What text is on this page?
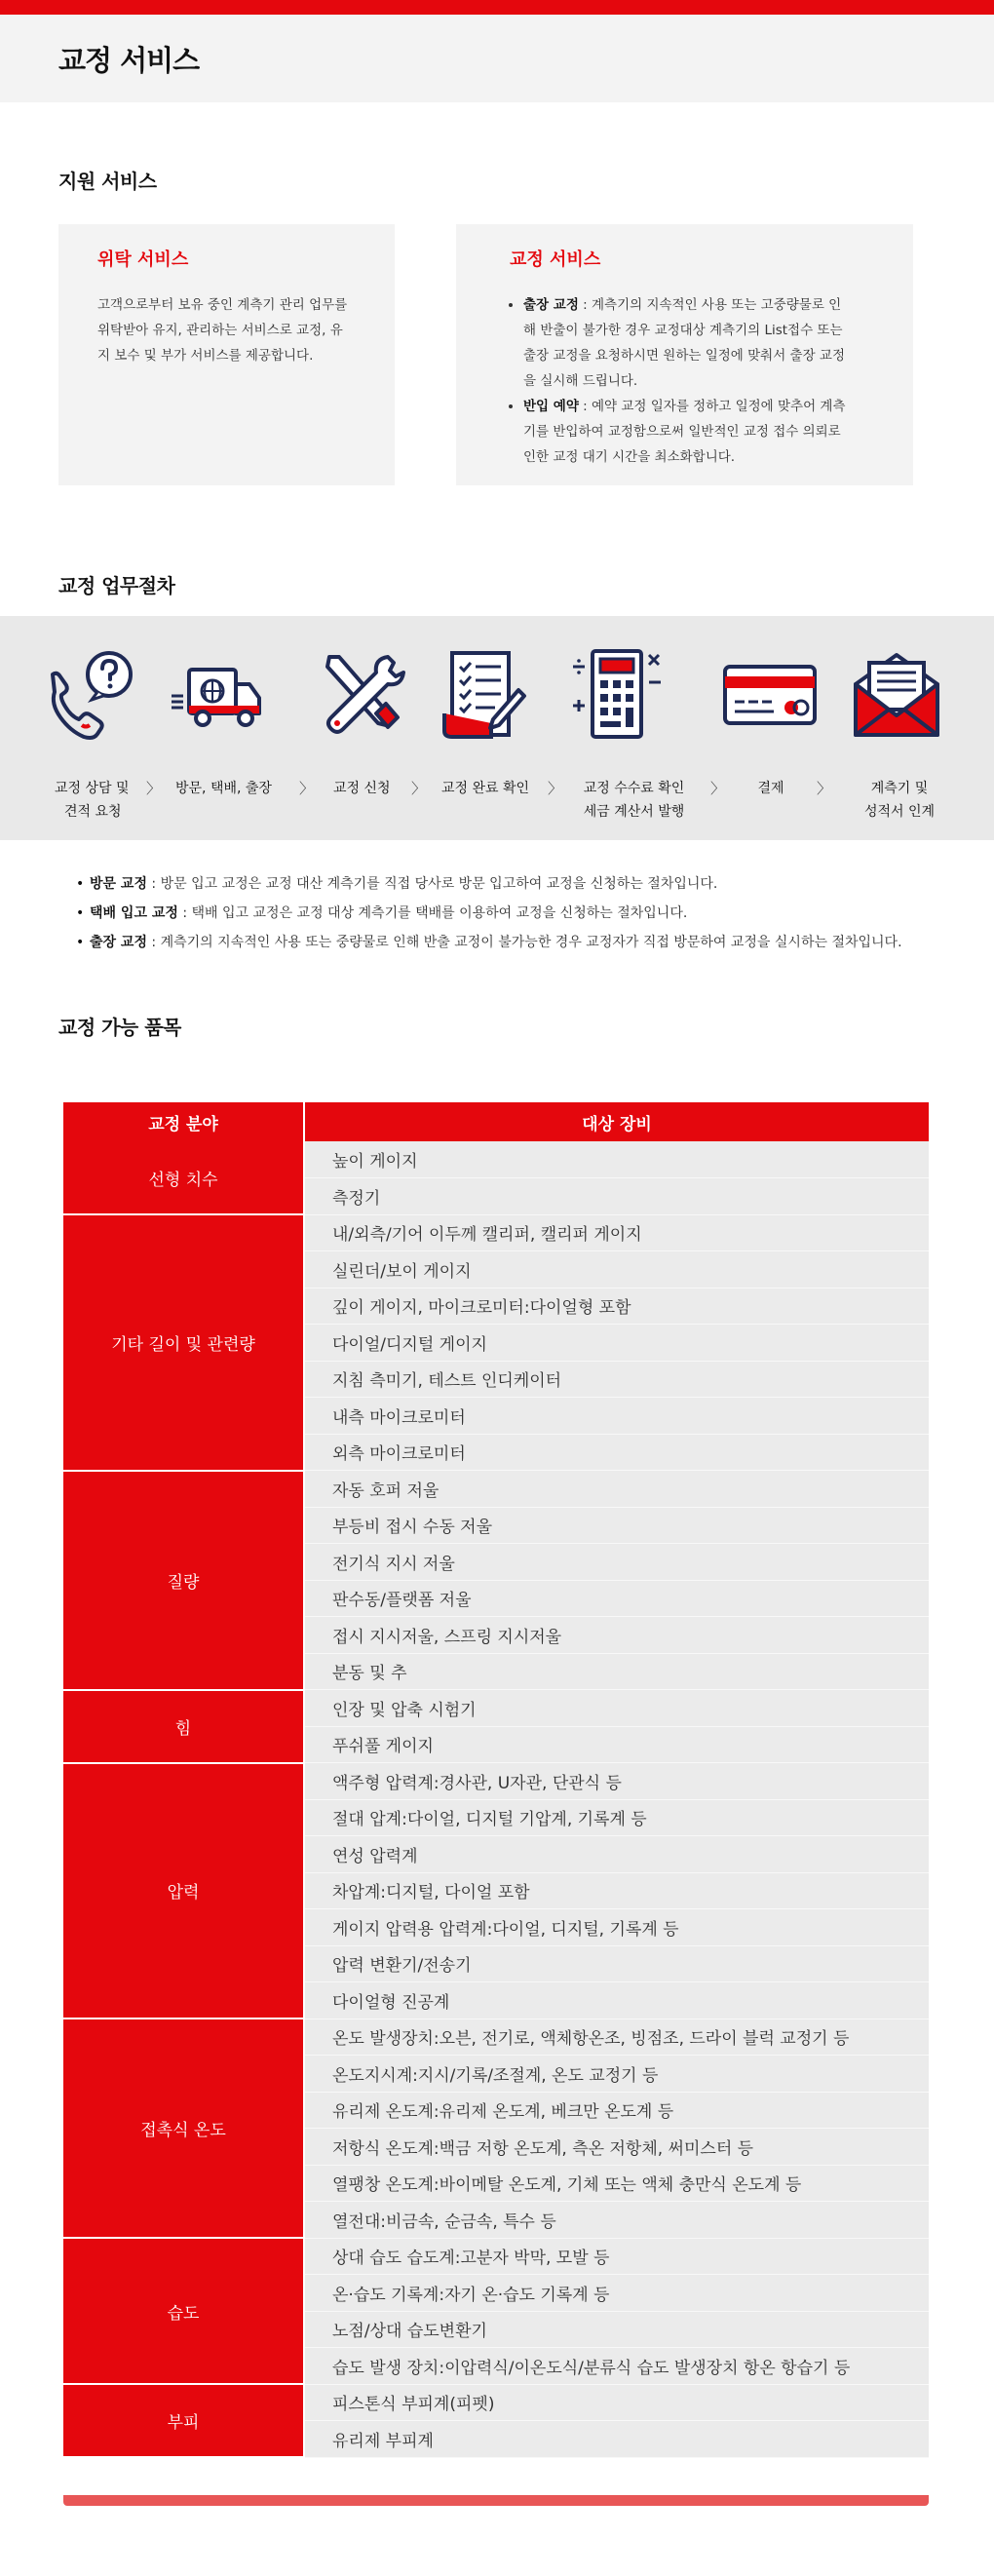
교정 서비스
지원 서비스
위탁 서비스

고객으로부터 보유 중인 계측기 관리 업무를
위탁받아 유지, 관리하는 서비스로 교정, 유
지 보수 및 부가 서비스를 제공합니다.

교정 서비스
• 출장 교정 : 계측기의 지속적인 사용 또는 고중량물로 인
해 반출이 불가한 경우 교정대상 계측기의 List접수 또는
출장 교정을 요청하시면 원하는 일정에 맞춰서 출장 교정
을 실시해 드립니다.
• 반입 예약 : 예약 교정 일자를 정하고 일정에 맞추어 계측
기를 반입하여 교정함으로써 일반적인 교정 접수 의뢰로
인한 교정 대기 시간을 최소화합니다.
교정 업무절차
교정 상담 및
견적 요청
〉 방문, 택배, 출장	〉 교정 신청	〉 교정 완료 확인	〉	교정 수수료 확인
세금 계산서 발행
〉 결제 〉	계측기 및
성적서 인계
• 방문 교정 : 방문 입고 교정은 교정 대산 계측기를 직접 당사로 방문 입고하여 교정을 신청하는 절차입니다.
• 택배 입고 교정 : 택배 입고 교정은 교정 대상 계측기를 택배를 이용하여 교정을 신청하는 절차입니다.
• 출장 교정 : 계측기의 지속적인 사용 또는 중량물로 인해 반출 교정이 불가능한 경우 교정자가 직접 방문하여 교정을 실시하는 절차입니다.
교정 가능 품목
교정 분야	대상 장비
선형 치수	높이 게이지
	측정기
기타 길이 및 관련량	내/외측/기어 이두께 캘리퍼, 캘리퍼 게이지
	실린더/보이 게이지
	깊이 게이지, 마이크로미터:다이얼형 포함
	다이얼/디지털 게이지
	지침 측미기, 테스트 인디케이터
	내측 마이크로미터
	외측 마이크로미터
질량	자동 호퍼 저울
	부등비 접시 수동 저울
	전기식 지시 저울
	판수동/플랫폼 저울
	접시 지시저울, 스프링 지시저울
	분동 및 추
힘	인장 및 압축 시험기
	푸쉬풀 게이지
압력	액주형 압력계:경사관, U자관, 단관식 등
	절대 압계:다이얼, 디지털 기압계, 기록계 등
	연성 압력계
	차압계:디지털, 다이얼 포함
	게이지 압력용 압력계:다이얼, 디지털, 기록계 등
	압력 변환기/전송기
	다이얼형 진공계
접촉식 온도	온도 발생장치:오븐, 전기로, 액체항온조, 빙점조, 드라이 블럭 교정기 등
	온도지시계:지시/기록/조절계, 온도 교정기 등
	유리제 온도계:유리제 온도계, 베크만 온도계 등
	저항식 온도계:백금 저항 온도계, 측온 저항체, 써미스터 등
	열팽창 온도계:바이메탈 온도계, 기체 또는 액체 충만식 온도계 등
	열전대:비금속, 순금속, 특수 등
습도	상대 습도 습도계:고분자 박막, 모발 등
	온·습도 기록계:자기 온·습도 기록계 등
	노점/상대 습도변환기
	습도 발생 장치:이압력식/이온도식/분류식 습도 발생장치 항온 항습기 등
부피	피스톤식 부피계(피펫)
	유리제 부피계
